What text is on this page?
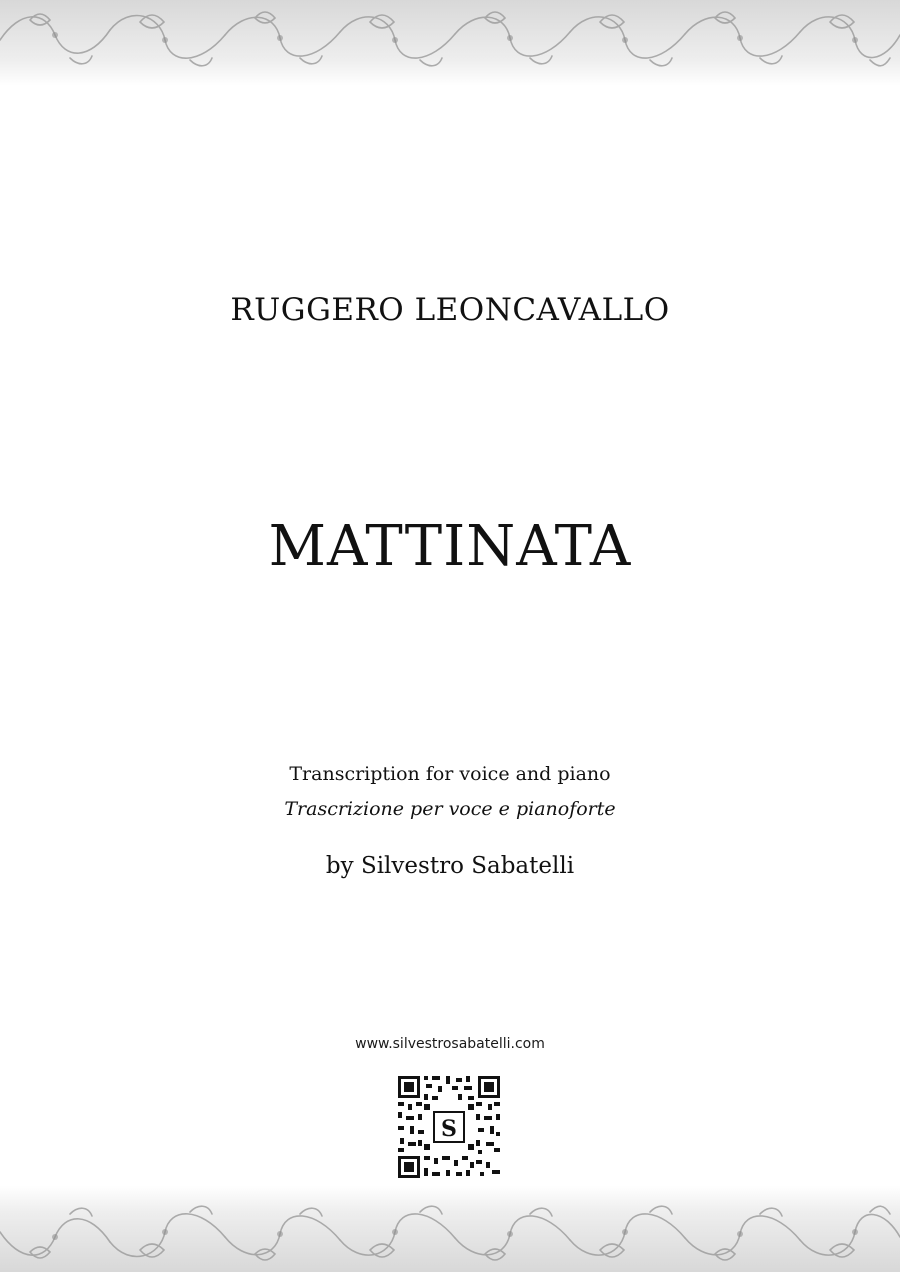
RUGGERO LEONCAVALLO
MATTINATA
Transcription for voice and piano
Trascrizione per voce e pianoforte
by Silvestro Sabatelli
www.silvestrosabatelli.com
S
